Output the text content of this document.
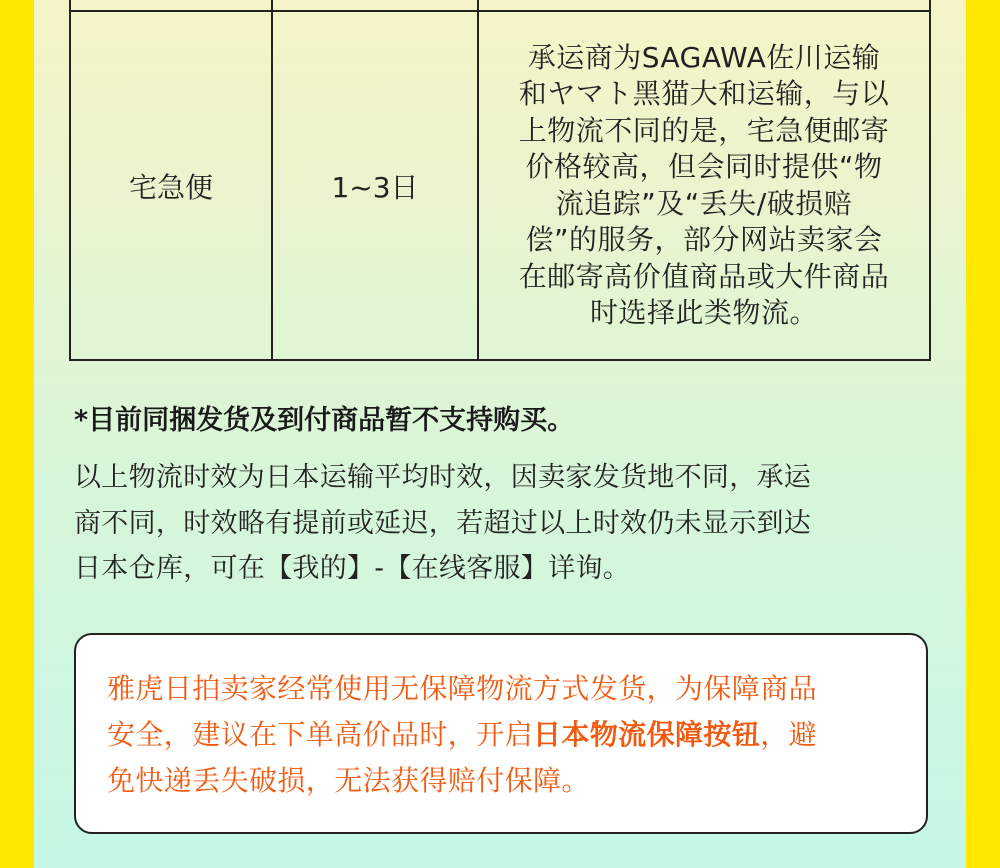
宅急便	1~3日
承运商为SAGAWA佐川运输
和ヤマト黑猫大和运输，与以
上物流不同的是，宅急便邮寄
价格较高，但会同时提供“物
流追踪”及“丢失/破损赔
偿”的服务，部分网站卖家会
在邮寄高价值商品或大件商品
时选择此类物流。
*目前同捆发货及到付商品暂不支持购买。
以上物流时效为日本运输平均时效，因卖家发货地不同，承运
商不同，时效略有提前或延迟，若超过以上时效仍未显示到达
日本仓库，可在【我的】-【在线客服】详询。
雅虎日拍卖家经常使用无保障物流方式发货，为保障商品
安全，建议在下单高价品时，开启日本物流保障按钮，避
免快递丢失破损，无法获得赔付保障。
